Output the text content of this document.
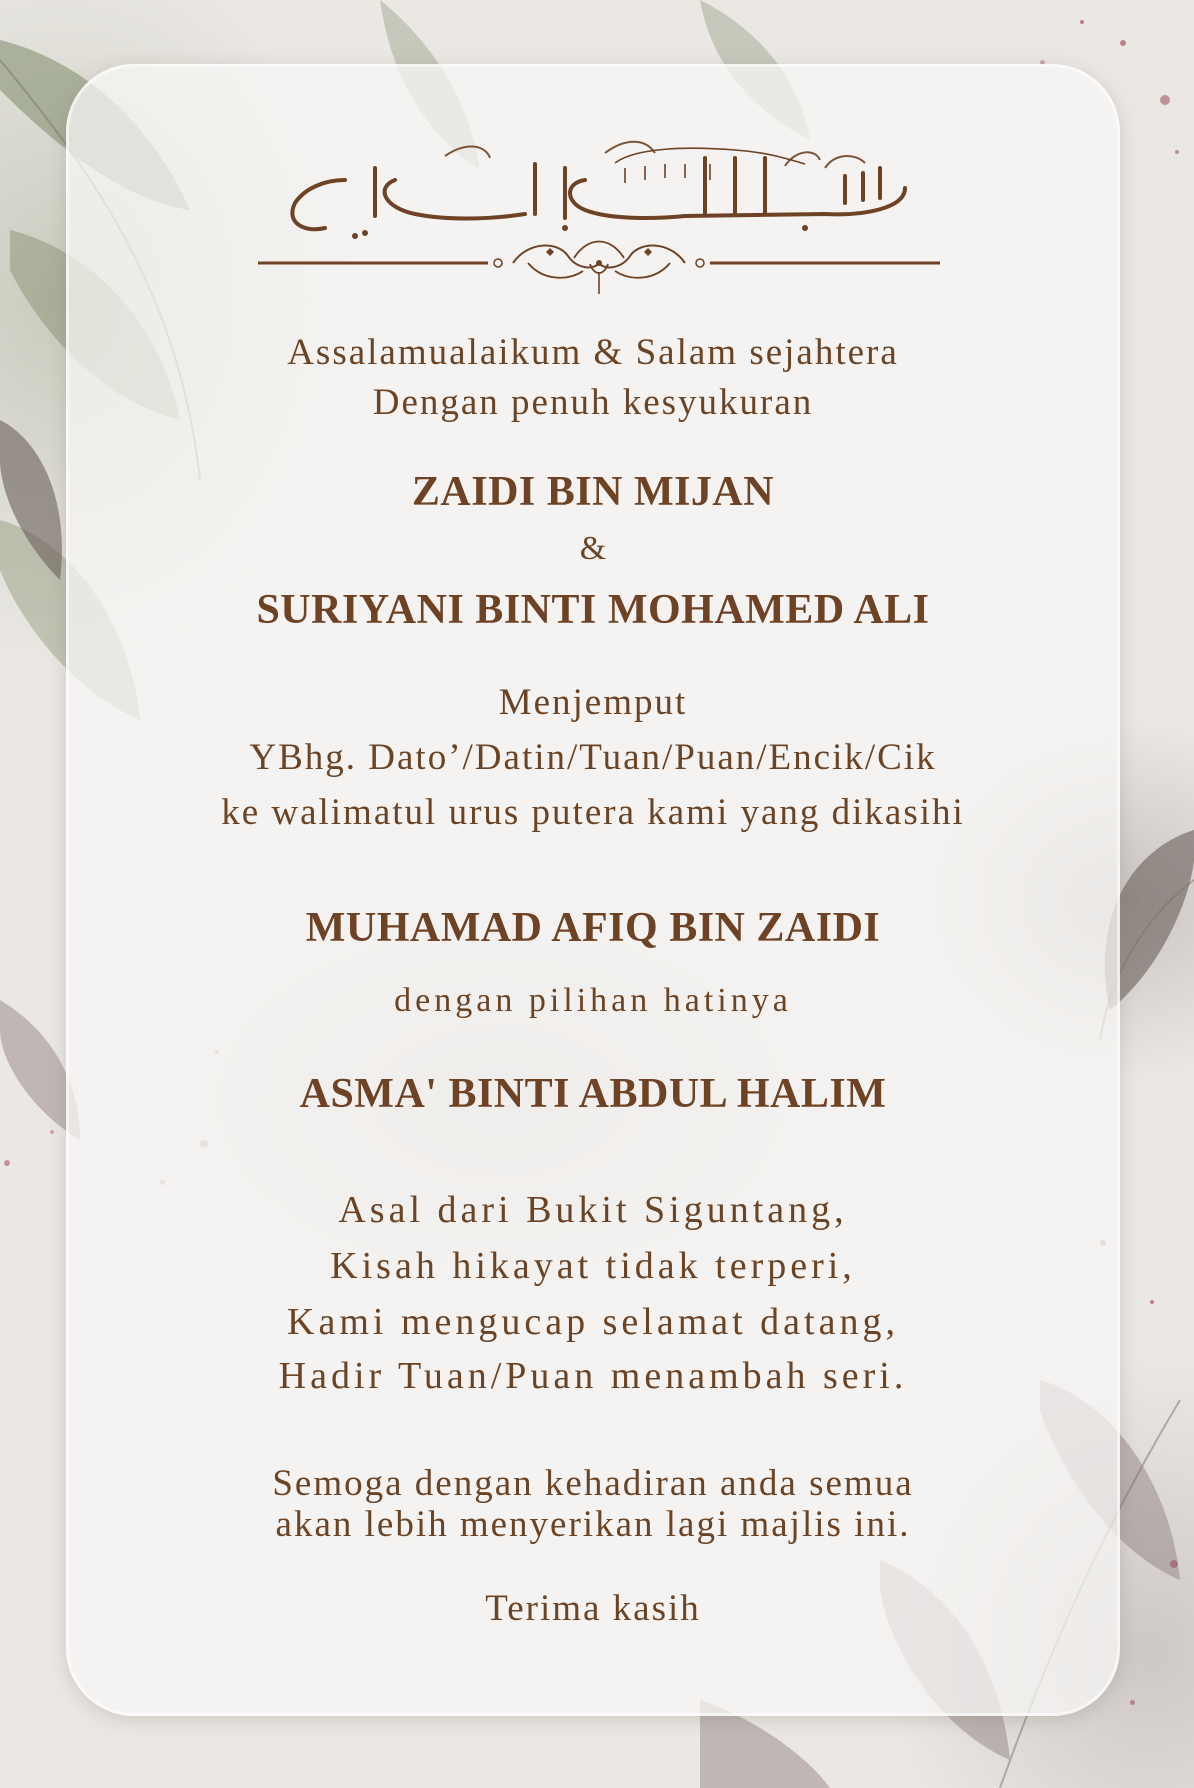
Assalamualaikum & Salam sejahtera
Dengan penuh kesyukuran
ZAIDI BIN MIJAN
&
SURIYANI BINTI MOHAMED ALI
Menjemput
YBhg. Dato’/Datin/Tuan/Puan/Encik/Cik
ke walimatul urus putera kami yang dikasihi
MUHAMAD AFIQ BIN ZAIDI
dengan pilihan hatinya
ASMA' BINTI ABDUL HALIM
Asal dari Bukit Siguntang,
Kisah hikayat tidak terperi,
Kami mengucap selamat datang,
Hadir Tuan/Puan menambah seri.
Semoga dengan kehadiran anda semua
akan lebih menyerikan lagi majlis ini.
Terima kasih
